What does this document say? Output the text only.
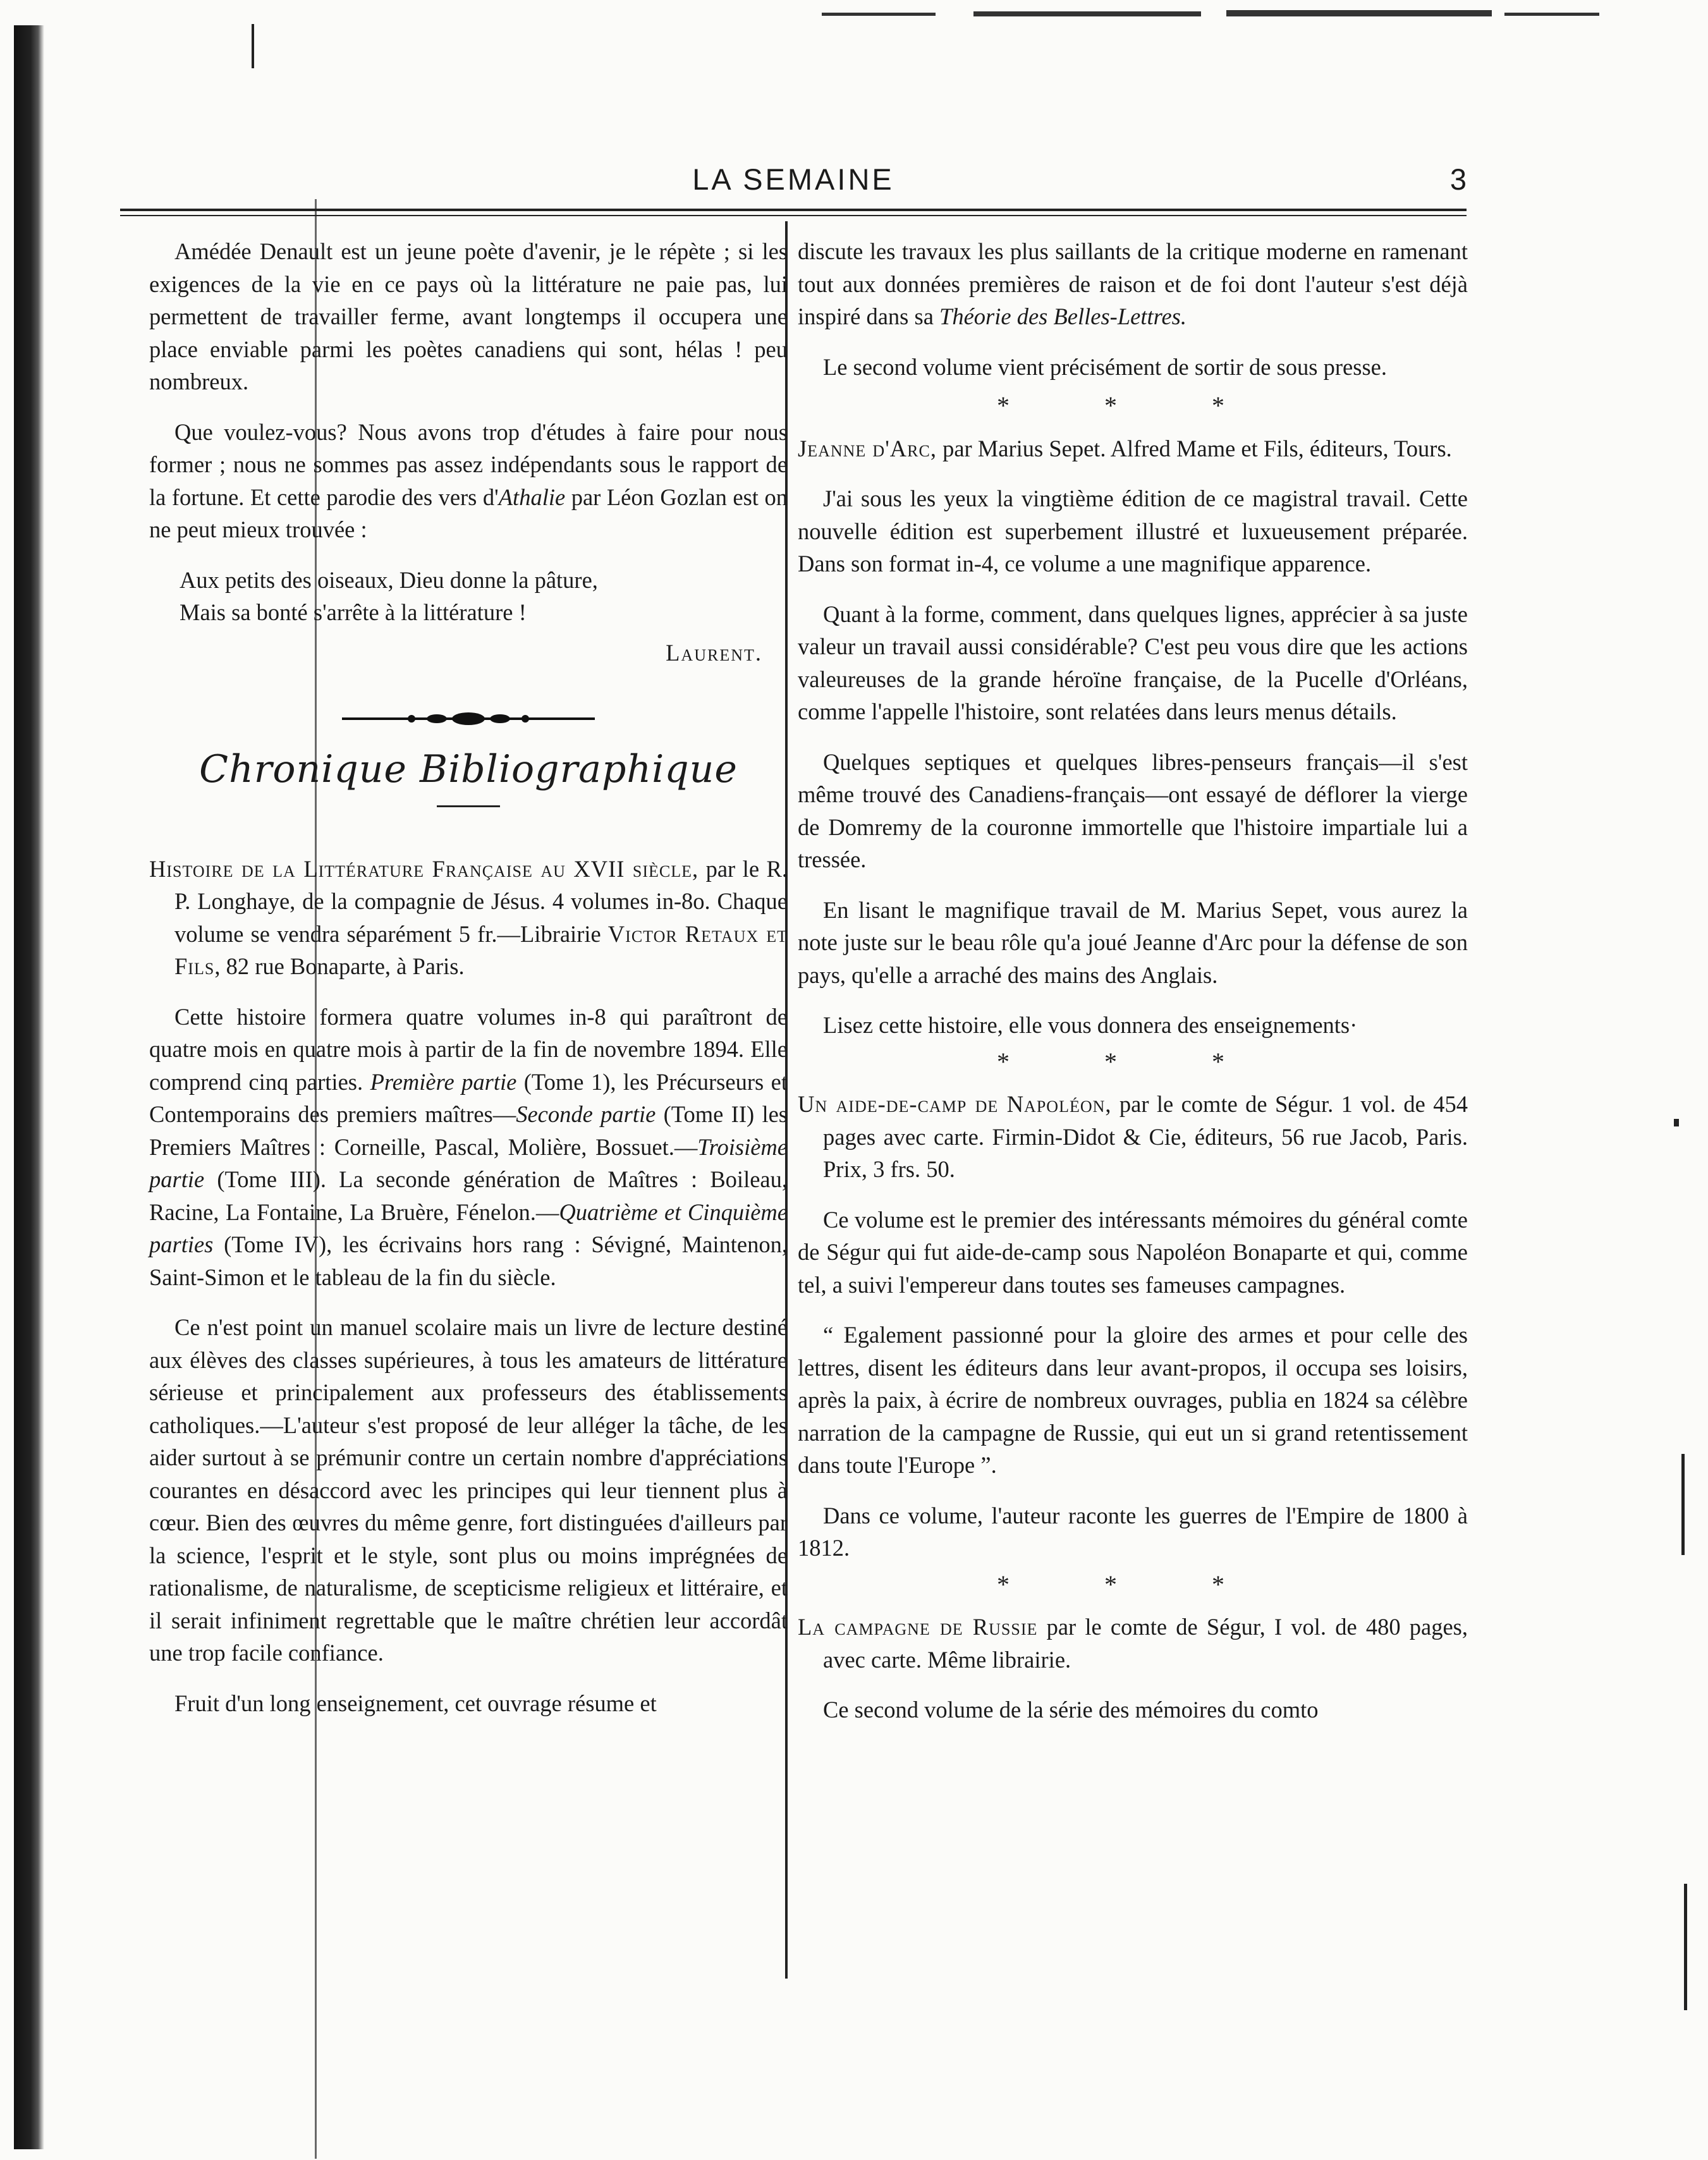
LA SEMAINE	3

Amédée Denault est un jeune poète d'avenir, je le répète ; si les exigences de la vie en ce pays où la littérature ne paie pas, lui permettent de travailler ferme, avant longtemps il occupera une place enviable parmi les poètes canadiens qui sont, hélas ! peu nombreux.

Que voulez-vous? Nous avons trop d'études à faire pour nous former ; nous ne sommes pas assez indépendants sous le rapport de la fortune. Et cette parodie des vers d'Athalie par Léon Gozlan est on ne peut mieux trouvée :

Aux petits des oiseaux, Dieu donne la pâture,

Mais sa bonté s'arrête à la littérature !

Laurent.
Chronique Bibliographique
Histoire de la Littérature Française au XVII siècle, par le R. P. Longhaye, de la compagnie de Jésus. 4 volumes in-8o. Chaque volume se vendra séparément 5 fr.—Librairie Victor Retaux et Fils, 82 rue Bonaparte, à Paris.

Cette histoire formera quatre volumes in-8 qui paraîtront de quatre mois en quatre mois à partir de la fin de novembre 1894. Elle comprend cinq parties. Première partie (Tome 1), les Précurseurs et Contemporains des premiers maîtres—Seconde partie (Tome II) les Premiers Maîtres : Corneille, Pascal, Molière, Bossuet.—Troisième partie (Tome III). La seconde génération de Maîtres : Boileau, Racine, La Fontaine, La Bruère, Fénelon.—Quatrième et Cinquième parties (Tome IV), les écrivains hors rang : Sévigné, Maintenon, Saint-Simon et le tableau de la fin du siècle.

Ce n'est point un manuel scolaire mais un livre de lecture destiné aux élèves des classes supérieures, à tous les amateurs de littérature sérieuse et principalement aux professeurs des établissements catholiques.—L'auteur s'est proposé de leur alléger la tâche, de les aider surtout à se prémunir contre un certain nombre d'appréciations courantes en désaccord avec les principes qui leur tiennent plus à cœur. Bien des œuvres du même genre, fort distinguées d'ailleurs par la science, l'esprit et le style, sont plus ou moins imprégnées de rationalisme, de naturalisme, de scepticisme religieux et littéraire, et il serait infiniment regrettable que le maître chrétien leur accordât une trop facile confiance.

Fruit d'un long enseignement, cet ouvrage résume et

discute les travaux les plus saillants de la critique moderne en ramenant tout aux données premières de raison et de foi dont l'auteur s'est déjà inspiré dans sa Théorie des Belles-Lettres.

Le second volume vient précisément de sortir de sous presse.

* * *
Jeanne d'Arc, par Marius Sepet. Alfred Mame et Fils, éditeurs, Tours.

J'ai sous les yeux la vingtième édition de ce magistral travail. Cette nouvelle édition est superbement illustré et luxueusement préparée. Dans son format in-4, ce volume a une magnifique apparence.

Quant à la forme, comment, dans quelques lignes, apprécier à sa juste valeur un travail aussi considérable? C'est peu vous dire que les actions valeureuses de la grande héroïne française, de la Pucelle d'Orléans, comme l'appelle l'histoire, sont relatées dans leurs menus détails.

Quelques septiques et quelques libres-penseurs français—il s'est même trouvé des Canadiens-français—ont essayé de déflorer la vierge de Domremy de la couronne immortelle que l'histoire impartiale lui a tressée.

En lisant le magnifique travail de M. Marius Sepet, vous aurez la note juste sur le beau rôle qu'a joué Jeanne d'Arc pour la défense de son pays, qu'elle a arraché des mains des Anglais.

Lisez cette histoire, elle vous donnera des enseignements·

* * *
Un aide-de-camp de Napoléon, par le comte de Ségur. 1 vol. de 454 pages avec carte. Firmin-Didot & Cie, éditeurs, 56 rue Jacob, Paris. Prix, 3 frs. 50.

Ce volume est le premier des intéressants mémoires du général comte de Ségur qui fut aide-de-camp sous Napoléon Bonaparte et qui, comme tel, a suivi l'empereur dans toutes ses fameuses campagnes.

“ Egalement passionné pour la gloire des armes et pour celle des lettres, disent les éditeurs dans leur avant-propos, il occupa ses loisirs, après la paix, à écrire de nombreux ouvrages, publia en 1824 sa célèbre narration de la campagne de Russie, qui eut un si grand retentissement dans toute l'Europe ”.

Dans ce volume, l'auteur raconte les guerres de l'Empire de 1800 à 1812.

* * *
La campagne de Russie par le comte de Ségur, I vol. de 480 pages, avec carte. Même librairie.

Ce second volume de la série des mémoires du comto
